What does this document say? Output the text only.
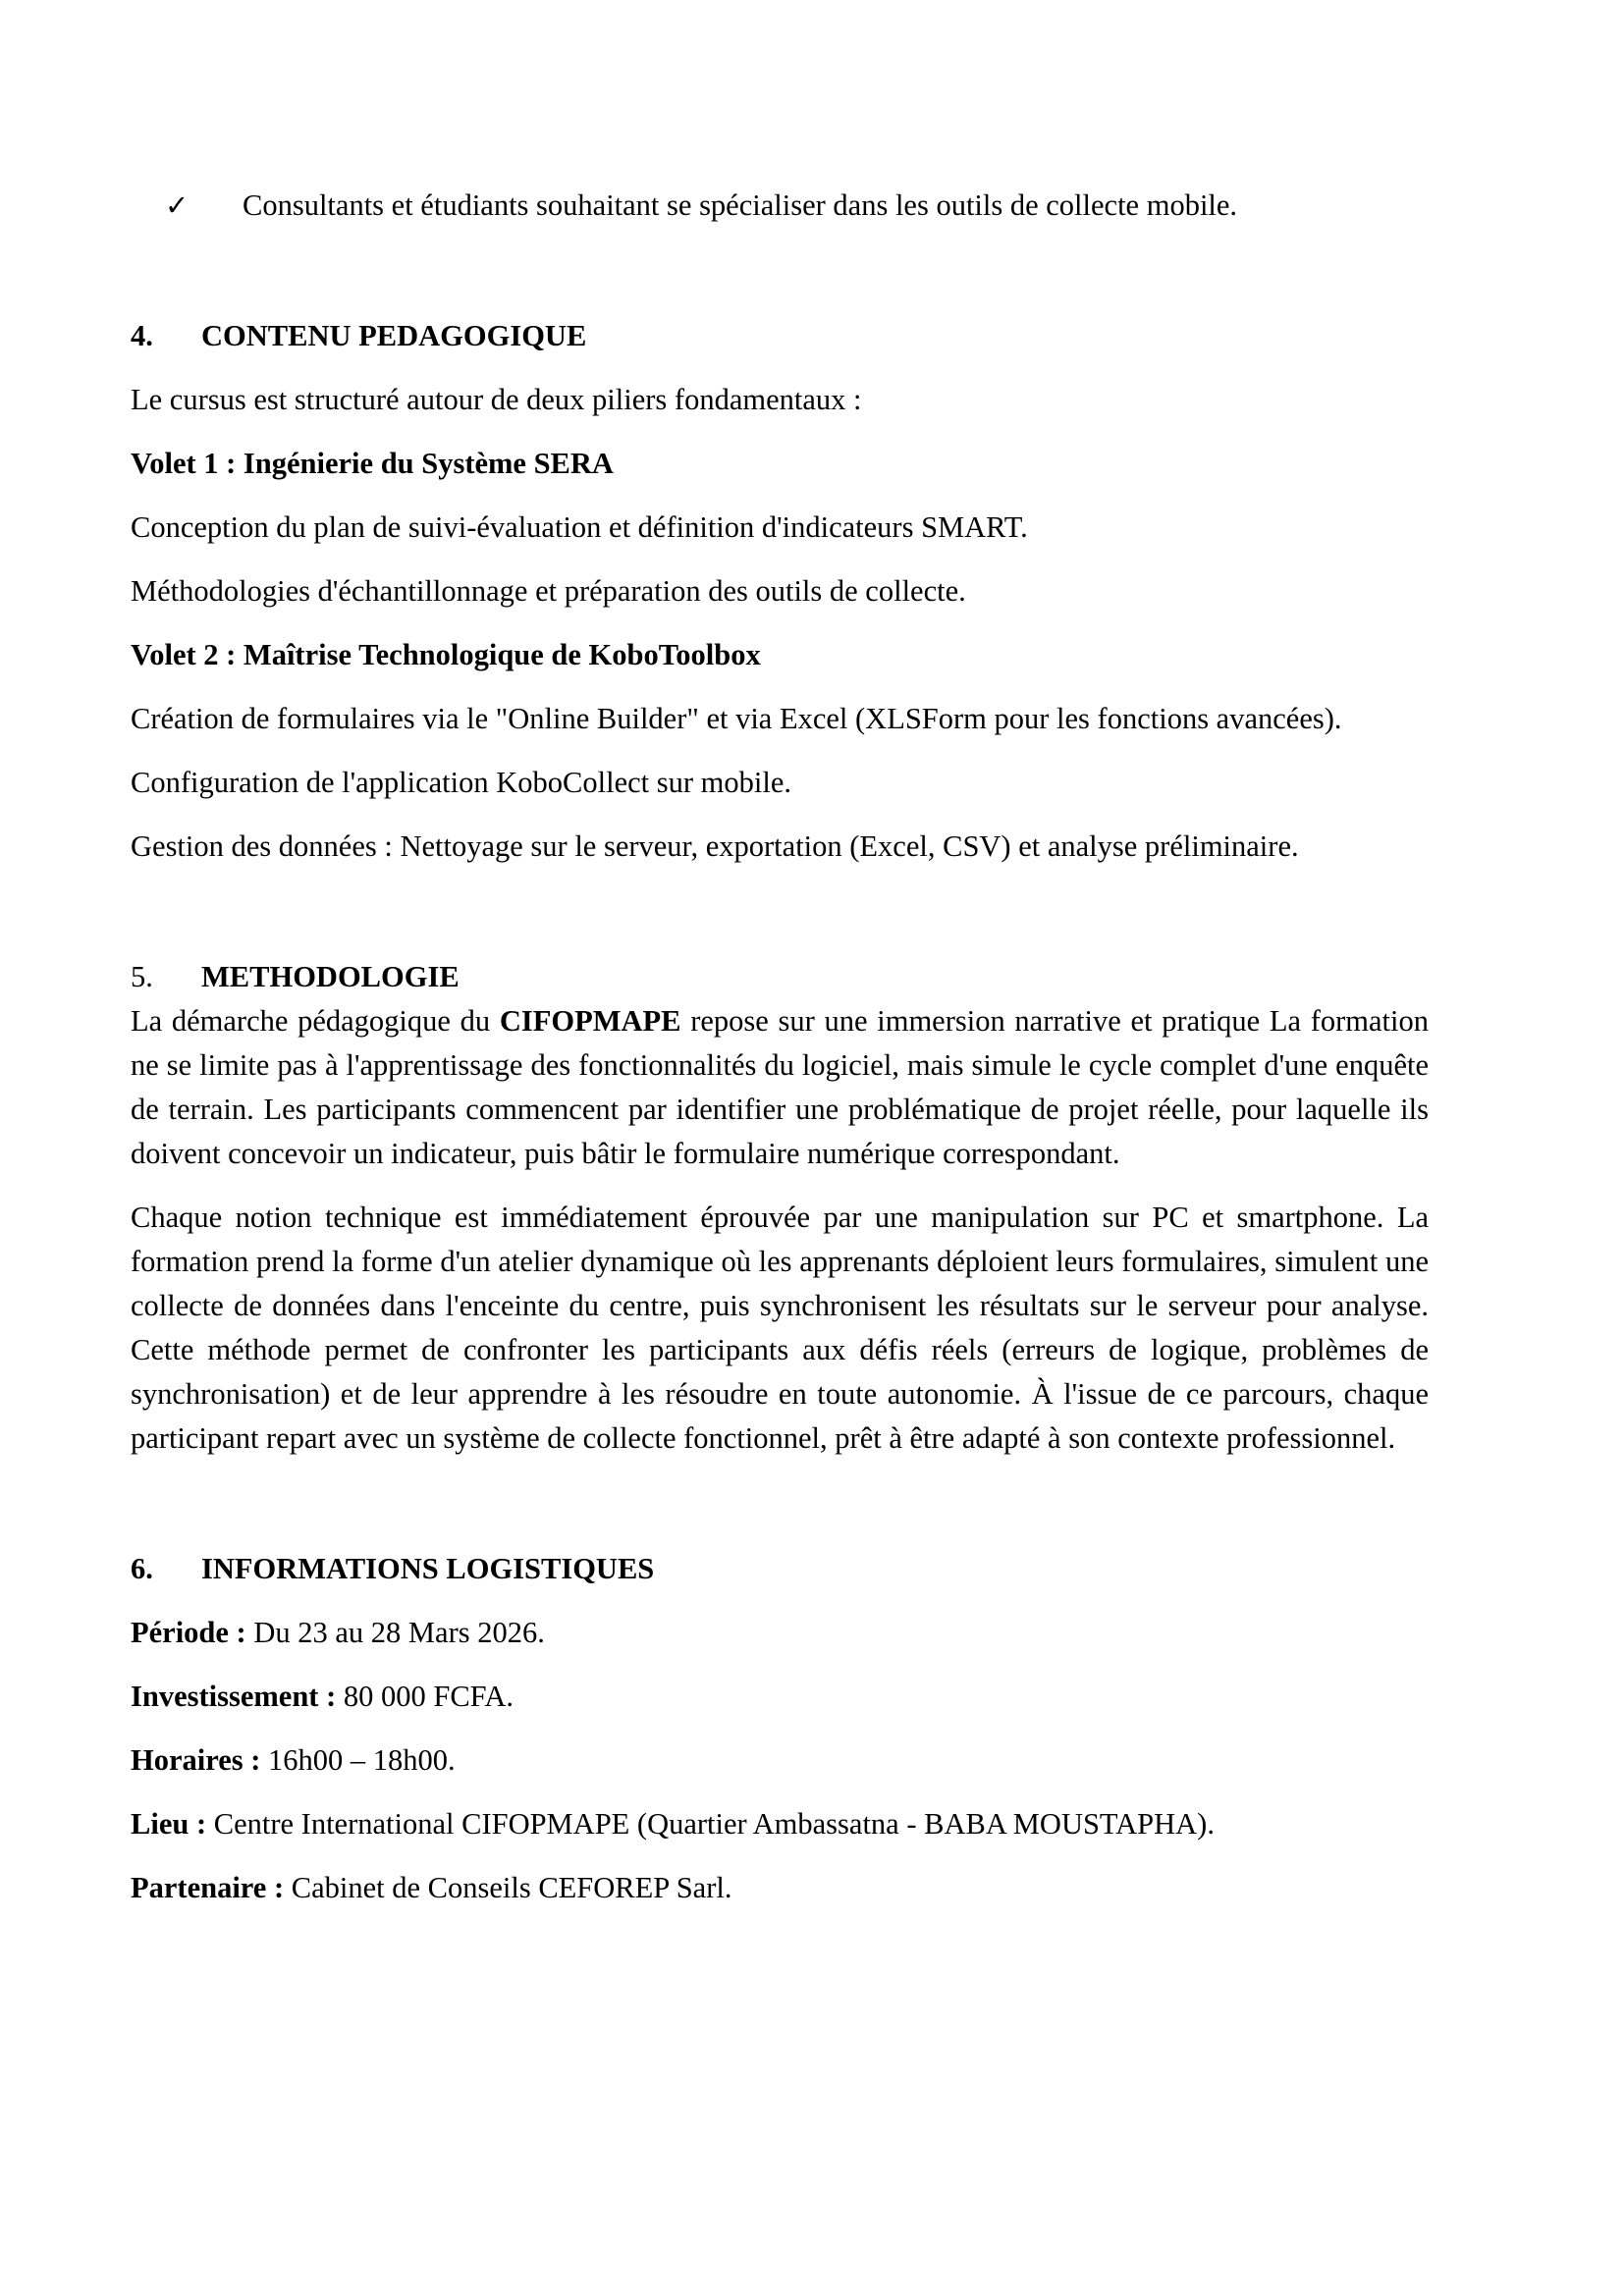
✓ Consultants et étudiants souhaitant se spécialiser dans les outils de collecte mobile.
4. CONTENU PEDAGOGIQUE

Le cursus est structuré autour de deux piliers fondamentaux :

Volet 1 : Ingénierie du Système SERA

Conception du plan de suivi-évaluation et définition d'indicateurs SMART.

Méthodologies d'échantillonnage et préparation des outils de collecte.

Volet 2 : Maîtrise Technologique de KoboToolbox

Création de formulaires via le "Online Builder" et via Excel (XLSForm pour les fonctions avancées).

Configuration de l'application KoboCollect sur mobile.

Gestion des données : Nettoyage sur le serveur, exportation (Excel, CSV) et analyse préliminaire.

5. METHODOLOGIE

La démarche pédagogique du CIFOPMAPE repose sur une immersion narrative et pratique La formation ne se limite pas à l'apprentissage des fonctionnalités du logiciel, mais simule le cycle complet d'une enquête de terrain. Les participants commencent par identifier une problématique de projet réelle, pour laquelle ils doivent concevoir un indicateur, puis bâtir le formulaire numérique correspondant.

Chaque notion technique est immédiatement éprouvée par une manipulation sur PC et smartphone. La formation prend la forme d'un atelier dynamique où les apprenants déploient leurs formulaires, simulent une collecte de données dans l'enceinte du centre, puis synchronisent les résultats sur le serveur pour analyse. Cette méthode permet de confronter les participants aux défis réels (erreurs de logique, problèmes de synchronisation) et de leur apprendre à les résoudre en toute autonomie. À l'issue de ce parcours, chaque participant repart avec un système de collecte fonctionnel, prêt à être adapté à son contexte professionnel.

6. INFORMATIONS LOGISTIQUES

Période : Du 23 au 28 Mars 2026.

Investissement : 80 000 FCFA.

Horaires : 16h00 – 18h00.

Lieu : Centre International CIFOPMAPE (Quartier Ambassatna - BABA MOUSTAPHA).

Partenaire : Cabinet de Conseils CEFOREP Sarl.
